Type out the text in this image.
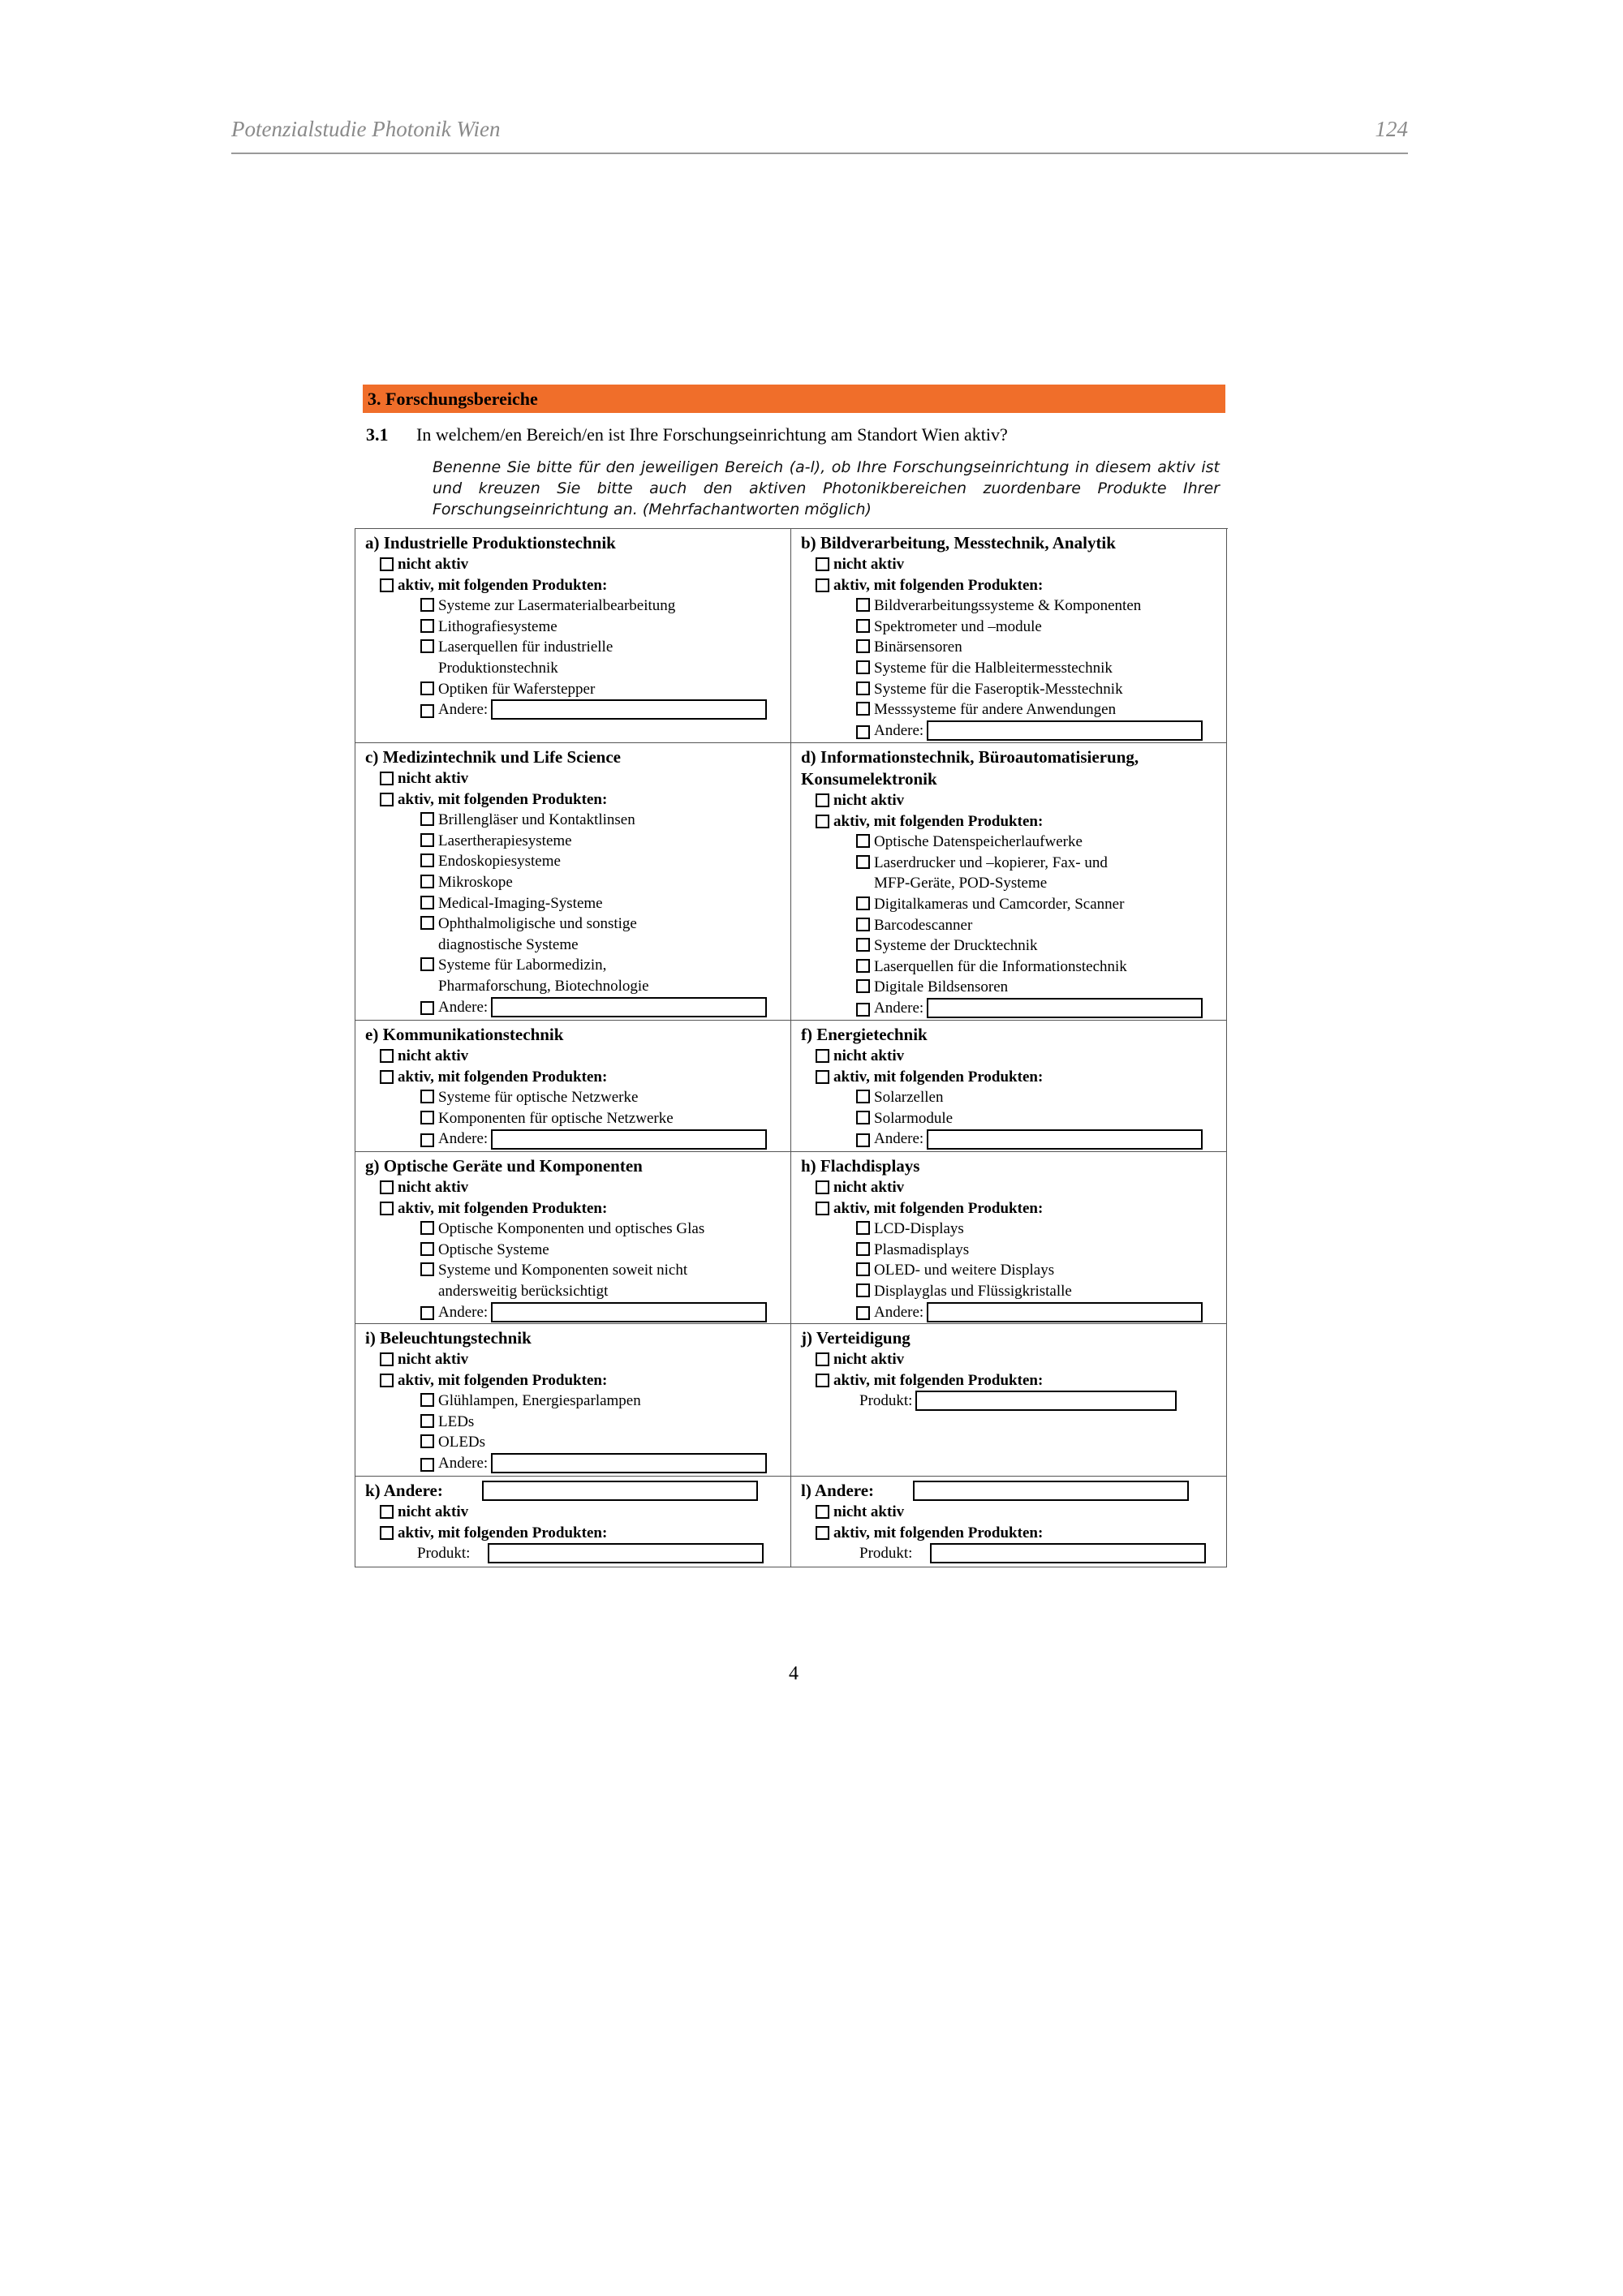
Potenzialstudie Photonik Wien	124
3. Forschungsbereiche
3.1	In welchem/en Bereich/en ist Ihre Forschungseinrichtung am Standort Wien aktiv?
Benenne Sie bitte für den jeweiligen Bereich (a-l), ob Ihre Forschungseinrichtung in diesem aktiv ist und kreuzen Sie bitte auch den aktiven Photonikbereichen zuordenbare Produkte Ihrer Forschungseinrichtung an. (Mehrfachantworten möglich)
a) Industrielle Produktionstechnik
nicht aktiv
aktiv, mit folgenden Produkten:
Systeme zur Lasermaterialbearbeitung
Lithografiesysteme
Laserquellen für industrielle
Produktionstechnik
Optiken für Waferstepper
Andere:
b) Bildverarbeitung, Messtechnik, Analytik
nicht aktiv
aktiv, mit folgenden Produkten:
Bildverarbeitungssysteme & Komponenten
Spektrometer und –module
Binärsensoren
Systeme für die Halbleitermesstechnik
Systeme für die Faseroptik-Messtechnik
Messsysteme für andere Anwendungen
Andere:
c) Medizintechnik und Life Science
nicht aktiv
aktiv, mit folgenden Produkten:
Brillengläser und Kontaktlinsen
Lasertherapiesysteme
Endoskopiesysteme
Mikroskope
Medical-Imaging-Systeme
Ophthalmoligische und sonstige
diagnostische Systeme
Systeme für Labormedizin,
Pharmaforschung, Biotechnologie
Andere:
d) Informationstechnik, Büroautomatisierung,
Konsumelektronik
nicht aktiv
aktiv, mit folgenden Produkten:
Optische Datenspeicherlaufwerke
Laserdrucker und –kopierer, Fax- und
MFP-Geräte, POD-Systeme
Digitalkameras und Camcorder, Scanner
Barcodescanner
Systeme der Drucktechnik
Laserquellen für die Informationstechnik
Digitale Bildsensoren
Andere:
e) Kommunikationstechnik
nicht aktiv
aktiv, mit folgenden Produkten:
Systeme für optische Netzwerke
Komponenten für optische Netzwerke
Andere:
f) Energietechnik
nicht aktiv
aktiv, mit folgenden Produkten:
Solarzellen
Solarmodule
Andere:
g) Optische Geräte und Komponenten
nicht aktiv
aktiv, mit folgenden Produkten:
Optische Komponenten und optisches Glas
Optische Systeme
Systeme und Komponenten soweit nicht
andersweitig berücksichtigt
Andere:
h) Flachdisplays
nicht aktiv
aktiv, mit folgenden Produkten:
LCD-Displays
Plasmadisplays
OLED- und weitere Displays
Displayglas und Flüssigkristalle
Andere:
i) Beleuchtungstechnik
nicht aktiv
aktiv, mit folgenden Produkten:
Glühlampen, Energiesparlampen
LEDs
OLEDs
Andere:
j) Verteidigung
nicht aktiv
aktiv, mit folgenden Produkten:
Produkt:
k) Andere:
nicht aktiv
aktiv, mit folgenden Produkten:
Produkt:
l) Andere:
nicht aktiv
aktiv, mit folgenden Produkten:
Produkt:
4
